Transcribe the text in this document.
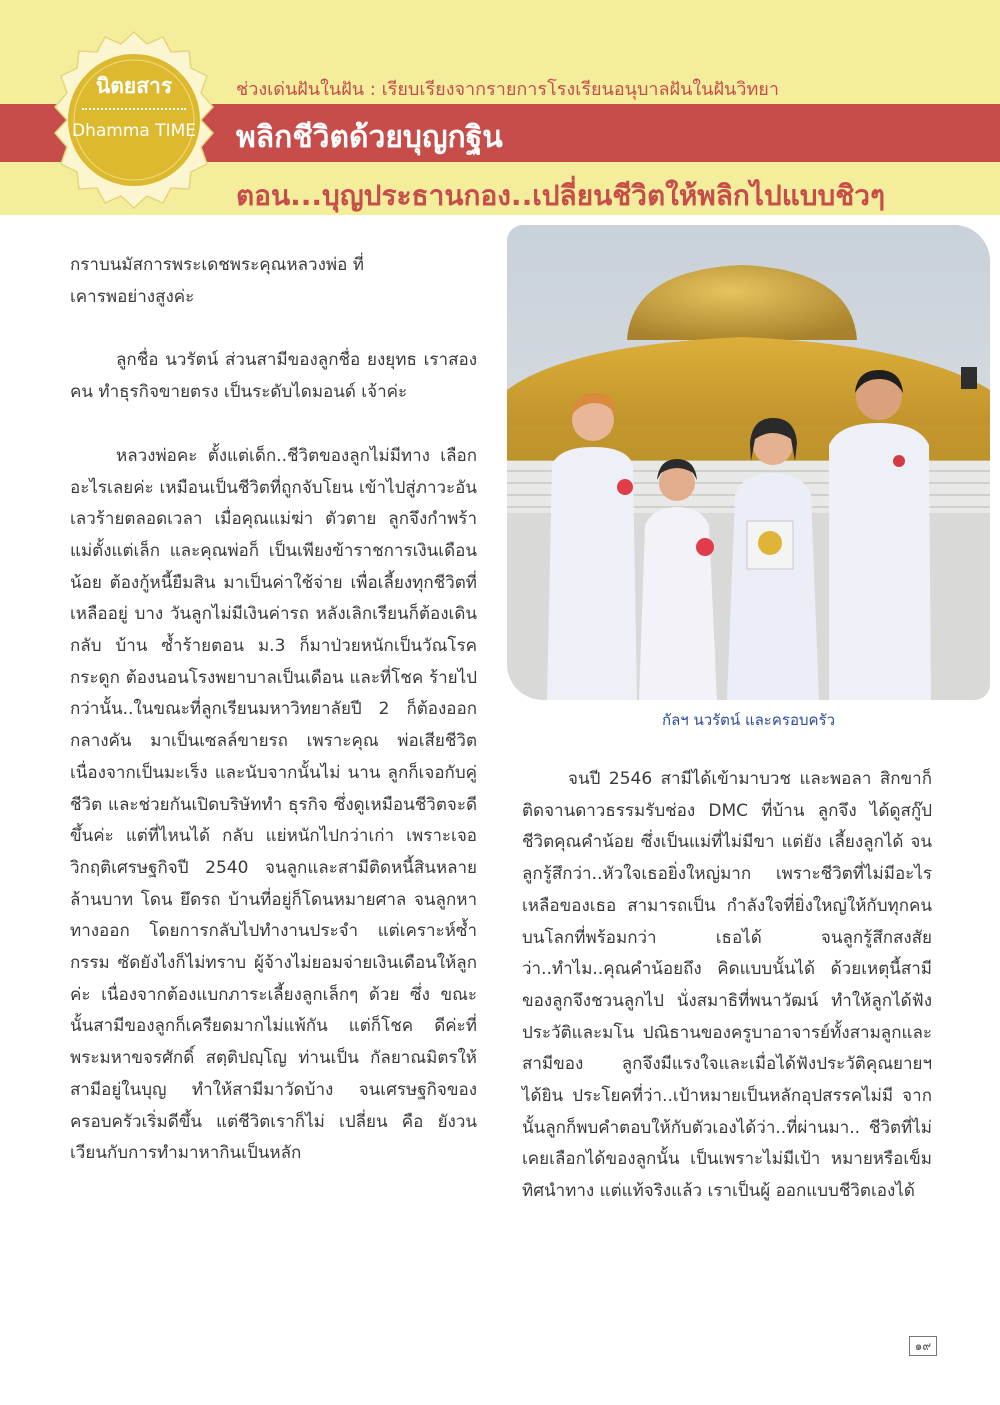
นิตยสาร
Dhamma TIME
ช่วงเด่นฝันในฝัน : เรียบเรียงจากรายการโรงเรียนอนุบาลฝันในฝันวิทยา
พลิกชีวิตด้วยบุญกฐิน
ตอน...บุญประธานกอง..เปลี่ยนชีวิตให้พลิกไปแบบชิวๆ

กราบนมัสการพระเดชพระคุณหลวงพ่อ ที่เคารพอย่างสูงค่ะ

ลูกชื่อ นวรัตน์ ส่วนสามีของลูกชื่อ ยงยุทธ เราสองคน ทำธุรกิจขายตรง เป็นระดับไดมอนด์ เจ้าค่ะ

หลวงพ่อคะ ตั้งแต่เด็ก..ชีวิตของลูกไม่มีทาง เลือกอะไรเลยค่ะ เหมือนเป็นชีวิตที่ถูกจับโยน เข้าไปสู่ภาวะอันเลวร้ายตลอดเวลา เมื่อคุณแม่ฆ่า ตัวตาย ลูกจึงกำพร้าแม่ตั้งแต่เล็ก และคุณพ่อก็ เป็นเพียงข้าราชการเงินเดือนน้อย ต้องกู้หนี้ยืมสิน มาเป็นค่าใช้จ่าย เพื่อเลี้ยงทุกชีวิตที่เหลืออยู่ บาง วันลูกไม่มีเงินค่ารถ หลังเลิกเรียนก็ต้องเดินกลับ บ้าน ซ้ำร้ายตอน ม.3 ก็มาป่วยหนักเป็นวัณโรค กระดูก ต้องนอนโรงพยาบาลเป็นเดือน และที่โชค ร้ายไปกว่านั้น..ในขณะที่ลูกเรียนมหาวิทยาลัยปี 2 ก็ต้องออกกลางคัน มาเป็นเซลล์ขายรถ เพราะคุณ พ่อเสียชีวิตเนื่องจากเป็นมะเร็ง และนับจากนั้นไม่ นาน ลูกก็เจอกับคู่ชีวิต และช่วยกันเปิดบริษัททำ ธุรกิจ ซึ่งดูเหมือนชีวิตจะดีขึ้นค่ะ แต่ที่ไหนได้ กลับ แย่หนักไปกว่าเก่า เพราะเจอวิกฤติเศรษฐกิจปี 2540 จนลูกและสามีติดหนี้สินหลายล้านบาท โดน ยึดรถ บ้านที่อยู่ก็โดนหมายศาล จนลูกหาทางออก โดยการกลับไปทำงานประจำ แต่เคราะห์ซ้ำกรรม ซัดยังไงก็ไม่ทราบ ผู้จ้างไม่ยอมจ่ายเงินเดือนให้ลูก ค่ะ เนื่องจากต้องแบกภาระเลี้ยงลูกเล็กๆ ด้วย ซึ่ง ขณะนั้นสามีของลูกก็เครียดมากไม่แพ้กัน แต่ก็โชค ดีค่ะที่ พระมหาขจรศักดิ์ สตฺติปญฺโญ ท่านเป็น กัลยาณมิตรให้สามีอยู่ในบุญ ทำให้สามีมาวัดบ้าง จนเศรษฐกิจของครอบครัวเริ่มดีขึ้น แต่ชีวิตเราก็ไม่ เปลี่ยน คือ ยังวนเวียนกับการทำมาหากินเป็นหลัก

กัลฯ นวรัตน์ และครอบครัว

จนปี 2546 สามีได้เข้ามาบวช และพอลา สิกขาก็ติดจานดาวธรรมรับช่อง DMC ที่บ้าน ลูกจึง ได้ดูสกู๊ปชีวิตคุณคำน้อย ซึ่งเป็นแม่ที่ไม่มีขา แต่ยัง เลี้ยงลูกได้ จนลูกรู้สึกว่า..หัวใจเธอยิ่งใหญ่มาก เพราะชีวิตที่ไม่มีอะไรเหลือของเธอ สามารถเป็น กำลังใจที่ยิ่งใหญ่ให้กับทุกคนบนโลกที่พร้อมกว่า เธอได้ จนลูกรู้สึกสงสัยว่า..ทำไม..คุณคำน้อยถึง คิดแบบนั้นได้ ด้วยเหตุนี้สามีของลูกจึงชวนลูกไป นั่งสมาธิที่พนาวัฒน์ ทำให้ลูกได้ฟังประวัติและมโน ปณิธานของครูบาอาจารย์ทั้งสามลูกและสามีของ ลูกจึงมีแรงใจและเมื่อได้ฟังประวัติคุณยายฯ ได้ยิน ประโยคที่ว่า..เป้าหมายเป็นหลักอุปสรรคไม่มี จาก นั้นลูกก็พบคำตอบให้กับตัวเองได้ว่า..ที่ผ่านมา.. ชีวิตที่ไม่เคยเลือกได้ของลูกนั้น เป็นเพราะไม่มีเป้า หมายหรือเข็มทิศนำทาง แต่แท้จริงแล้ว เราเป็นผู้ ออกแบบชีวิตเองได้

๑๙
